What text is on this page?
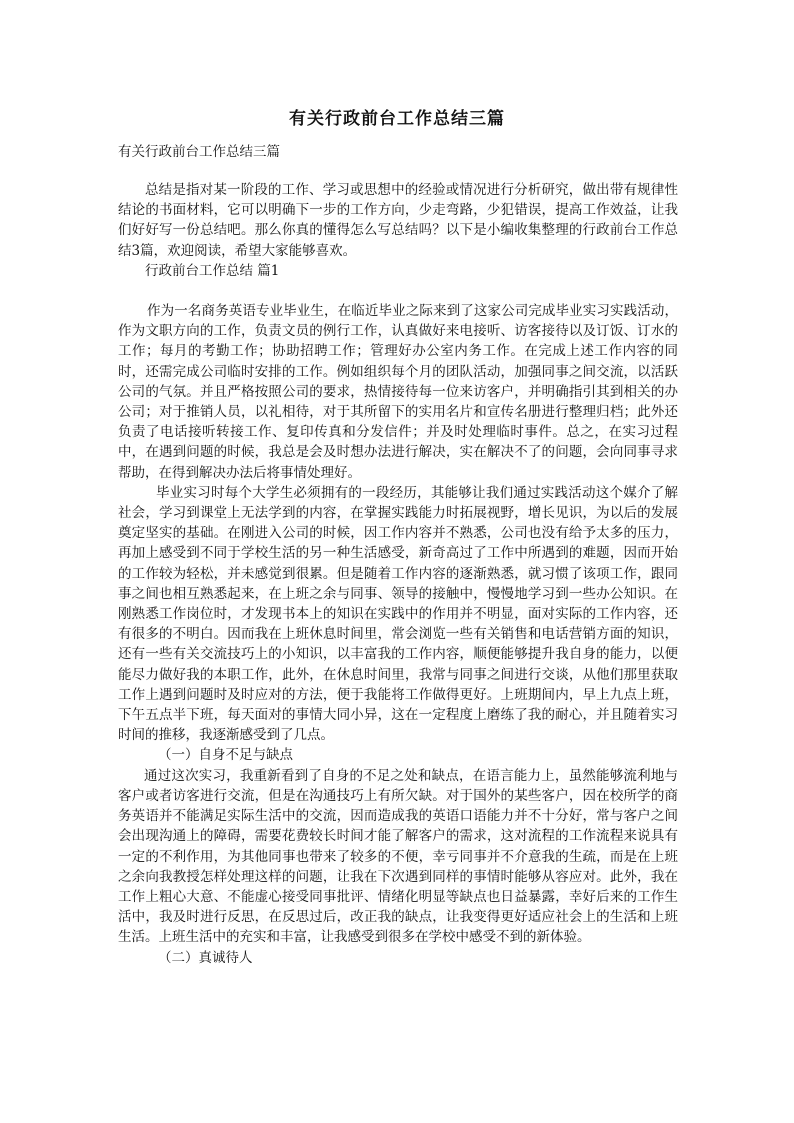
有关行政前台工作总结三篇
有关行政前台工作总结三篇

总结是指对某一阶段的工作、学习或思想中的经验或情况进行分析研究，做出带有规律性结论的书面材料，它可以明确下一步的工作方向，少走弯路，少犯错误，提高工作效益，让我们好好写一份总结吧。那么你真的懂得怎么写总结吗？以下是小编收集整理的行政前台工作总结3篇，欢迎阅读，希望大家能够喜欢。

行政前台工作总结 篇1

作为一名商务英语专业毕业生，在临近毕业之际来到了这家公司完成毕业实习实践活动，作为文职方向的工作，负责文员的例行工作，认真做好来电接听、访客接待以及订饭、订水的工作；每月的考勤工作；协助招聘工作；管理好办公室内务工作。在完成上述工作内容的同时，还需完成公司临时安排的工作。例如组织每个月的团队活动，加强同事之间交流，以活跃公司的气氛。并且严格按照公司的要求，热情接待每一位来访客户，并明确指引其到相关的办公司；对于推销人员，以礼相待，对于其所留下的实用名片和宣传名册进行整理归档；此外还负责了电话接听转接工作、复印传真和分发信件；并及时处理临时事件。总之，在实习过程中，在遇到问题的时候，我总是会及时想办法进行解决，实在解决不了的问题，会向同事寻求帮助，在得到解决办法后将事情处理好。

毕业实习时每个大学生必须拥有的一段经历，其能够让我们通过实践活动这个媒介了解社会，学习到课堂上无法学到的内容，在掌握实践能力时拓展视野，增长见识，为以后的发展奠定坚实的基础。在刚进入公司的时候，因工作内容并不熟悉，公司也没有给予太多的压力，再加上感受到不同于学校生活的另一种生活感受，新奇高过了工作中所遇到的难题，因而开始的工作较为轻松，并未感觉到很累。但是随着工作内容的逐渐熟悉，就习惯了该项工作，跟同事之间也相互熟悉起来，在上班之余与同事、领导的接触中，慢慢地学习到一些办公知识。在刚熟悉工作岗位时，才发现书本上的知识在实践中的作用并不明显，面对实际的工作内容，还有很多的不明白。因而我在上班休息时间里，常会浏览一些有关销售和电话营销方面的知识，还有一些有关交流技巧上的小知识，以丰富我的工作内容，顺便能够提升我自身的能力，以便能尽力做好我的本职工作，此外，在休息时间里，我常与同事之间进行交谈，从他们那里获取工作上遇到问题时及时应对的方法，便于我能将工作做得更好。上班期间内，早上九点上班，下午五点半下班，每天面对的事情大同小异，这在一定程度上磨练了我的耐心，并且随着实习时间的推移，我逐渐感受到了几点。

（一）自身不足与缺点

通过这次实习，我重新看到了自身的不足之处和缺点，在语言能力上，虽然能够流利地与客户或者访客进行交流，但是在沟通技巧上有所欠缺。对于国外的某些客户，因在校所学的商务英语并不能满足实际生活中的交流，因而造成我的英语口语能力并不十分好，常与客户之间会出现沟通上的障碍，需要花费较长时间才能了解客户的需求，这对流程的工作流程来说具有一定的不利作用，为其他同事也带来了较多的不便，幸亏同事并不介意我的生疏，而是在上班之余向我教授怎样处理这样的问题，让我在下次遇到同样的事情时能够从容应对。此外，我在工作上粗心大意、不能虚心接受同事批评、情绪化明显等缺点也日益暴露，幸好后来的工作生活中，我及时进行反思，在反思过后，改正我的缺点，让我变得更好适应社会上的生活和上班生活。上班生活中的充实和丰富，让我感受到很多在学校中感受不到的新体验。

（二）真诚待人
